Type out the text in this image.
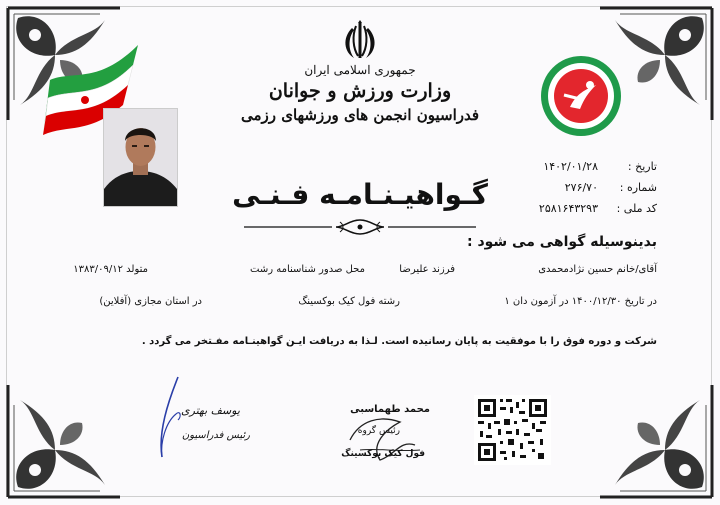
جمهوری اسلامی ایران
وزارت ورزش و جوانان
فدراسیون انجمن های ورزشهای رزمی
گـواهیـنـامـه فـنـی
تاریخ :
۱۴۰۲/۰۱/۲۸
شماره :
۲۷۶/۷۰
کد ملی :
۲۵۸۱۶۴۳۲۹۳
بدینوسیله گواهی می شود :
آقای/خانم حسین نژادمحمدی
فرزند علیرضا
محل صدور شناسنامه رشت
متولد ۱۳۸۳/۰۹/۱۲
در تاریخ ۱۴۰۰/۱۲/۳۰ در آزمون دان ۱
رشته فول کیک بوکسینگ
در استان مجازی (آفلاین)
شرکت و دوره فوق را با موفقیت به پایان رسانیده است. لـذا به دریافت ایـن گواهینـامه مفـتخر می گردد .
یوسف بهتری
رئیس فدراسیون
محمد طهماسبی
رئیس گروه
فول کیک بوکسینگ
